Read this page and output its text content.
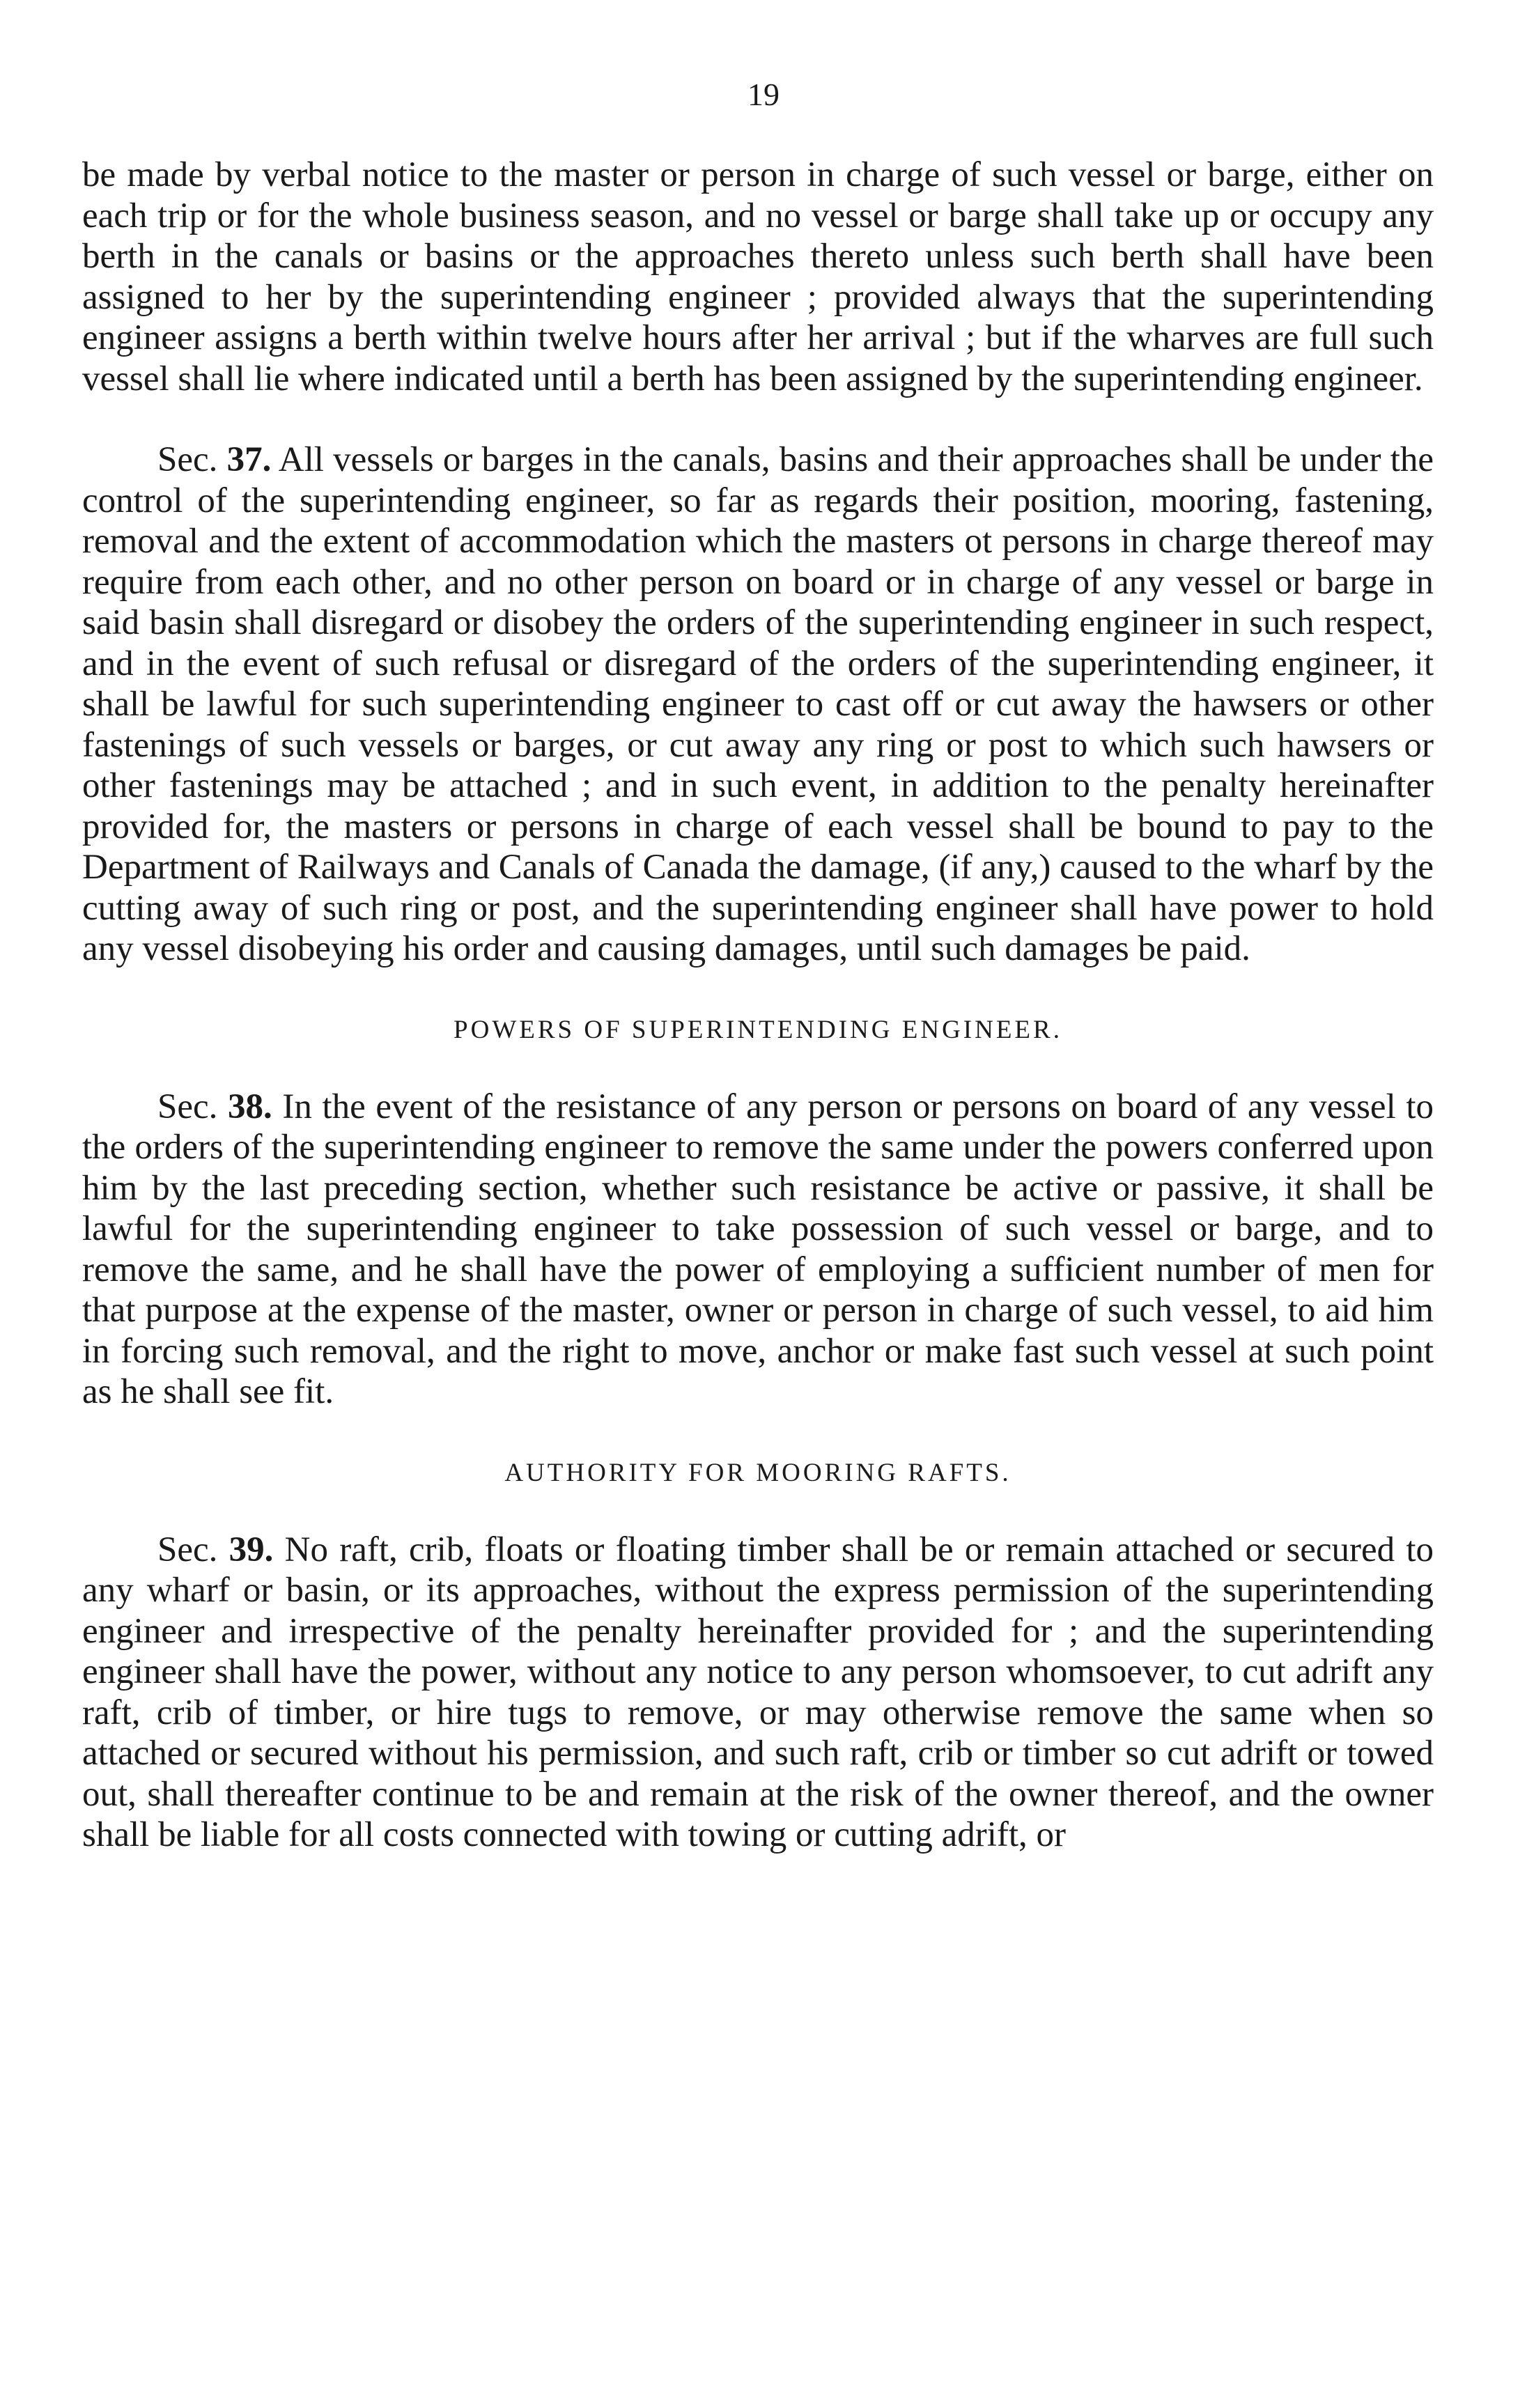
19

be made by verbal notice to the master or person in charge of such vessel or barge, either on each trip or for the whole business season, and no vessel or barge shall take up or occupy any berth in the canals or basins or the approaches thereto unless such berth shall have been assigned to her by the superintending engineer ; provided always that the superintending engineer assigns a berth within twelve hours after her arrival ; but if the wharves are full such vessel shall lie where indicated until a berth has been assigned by the superintending engineer.

Sec. 37. All vessels or barges in the canals, basins and their approaches shall be under the control of the superintending engineer, so far as regards their position, mooring, fastening, removal and the extent of accommodation which the masters ot persons in charge thereof may require from each other, and no other person on board or in charge of any vessel or barge in said basin shall disregard or disobey the orders of the superintending engineer in such respect, and in the event of such refusal or disregard of the orders of the superintending engineer, it shall be lawful for such superintending engineer to cast off or cut away the hawsers or other fastenings of such vessels or barges, or cut away any ring or post to which such hawsers or other fastenings may be attached ; and in such event, in addition to the penalty hereinafter provided for, the masters or persons in charge of each vessel shall be bound to pay to the Department of Railways and Canals of Canada the damage, (if any,) caused to the wharf by the cutting away of such ring or post, and the superintending engineer shall have power to hold any vessel disobeying his order and causing damages, until such damages be paid.

POWERS OF SUPERINTENDING ENGINEER.

Sec. 38. In the event of the resistance of any person or persons on board of any vessel to the orders of the superintending engineer to remove the same under the powers conferred upon him by the last preceding section, whether such resistance be active or passive, it shall be lawful for the superintending engineer to take possession of such vessel or barge, and to remove the same, and he shall have the power of employing a sufficient number of men for that purpose at the expense of the master, owner or person in charge of such vessel, to aid him in forcing such removal, and the right to move, anchor or make fast such vessel at such point as he shall see fit.

AUTHORITY FOR MOORING RAFTS.

Sec. 39. No raft, crib, floats or floating timber shall be or remain attached or secured to any wharf or basin, or its approaches, without the express permission of the superintending engineer and irrespective of the penalty hereinafter provided for ; and the superintending engineer shall have the power, without any notice to any person whomsoever, to cut adrift any raft, crib of timber, or hire tugs to remove, or may otherwise remove the same when so attached or secured without his permission, and such raft, crib or timber so cut adrift or towed out, shall thereafter continue to be and remain at the risk of the owner thereof, and the owner shall be liable for all costs connected with towing or cutting adrift, or
